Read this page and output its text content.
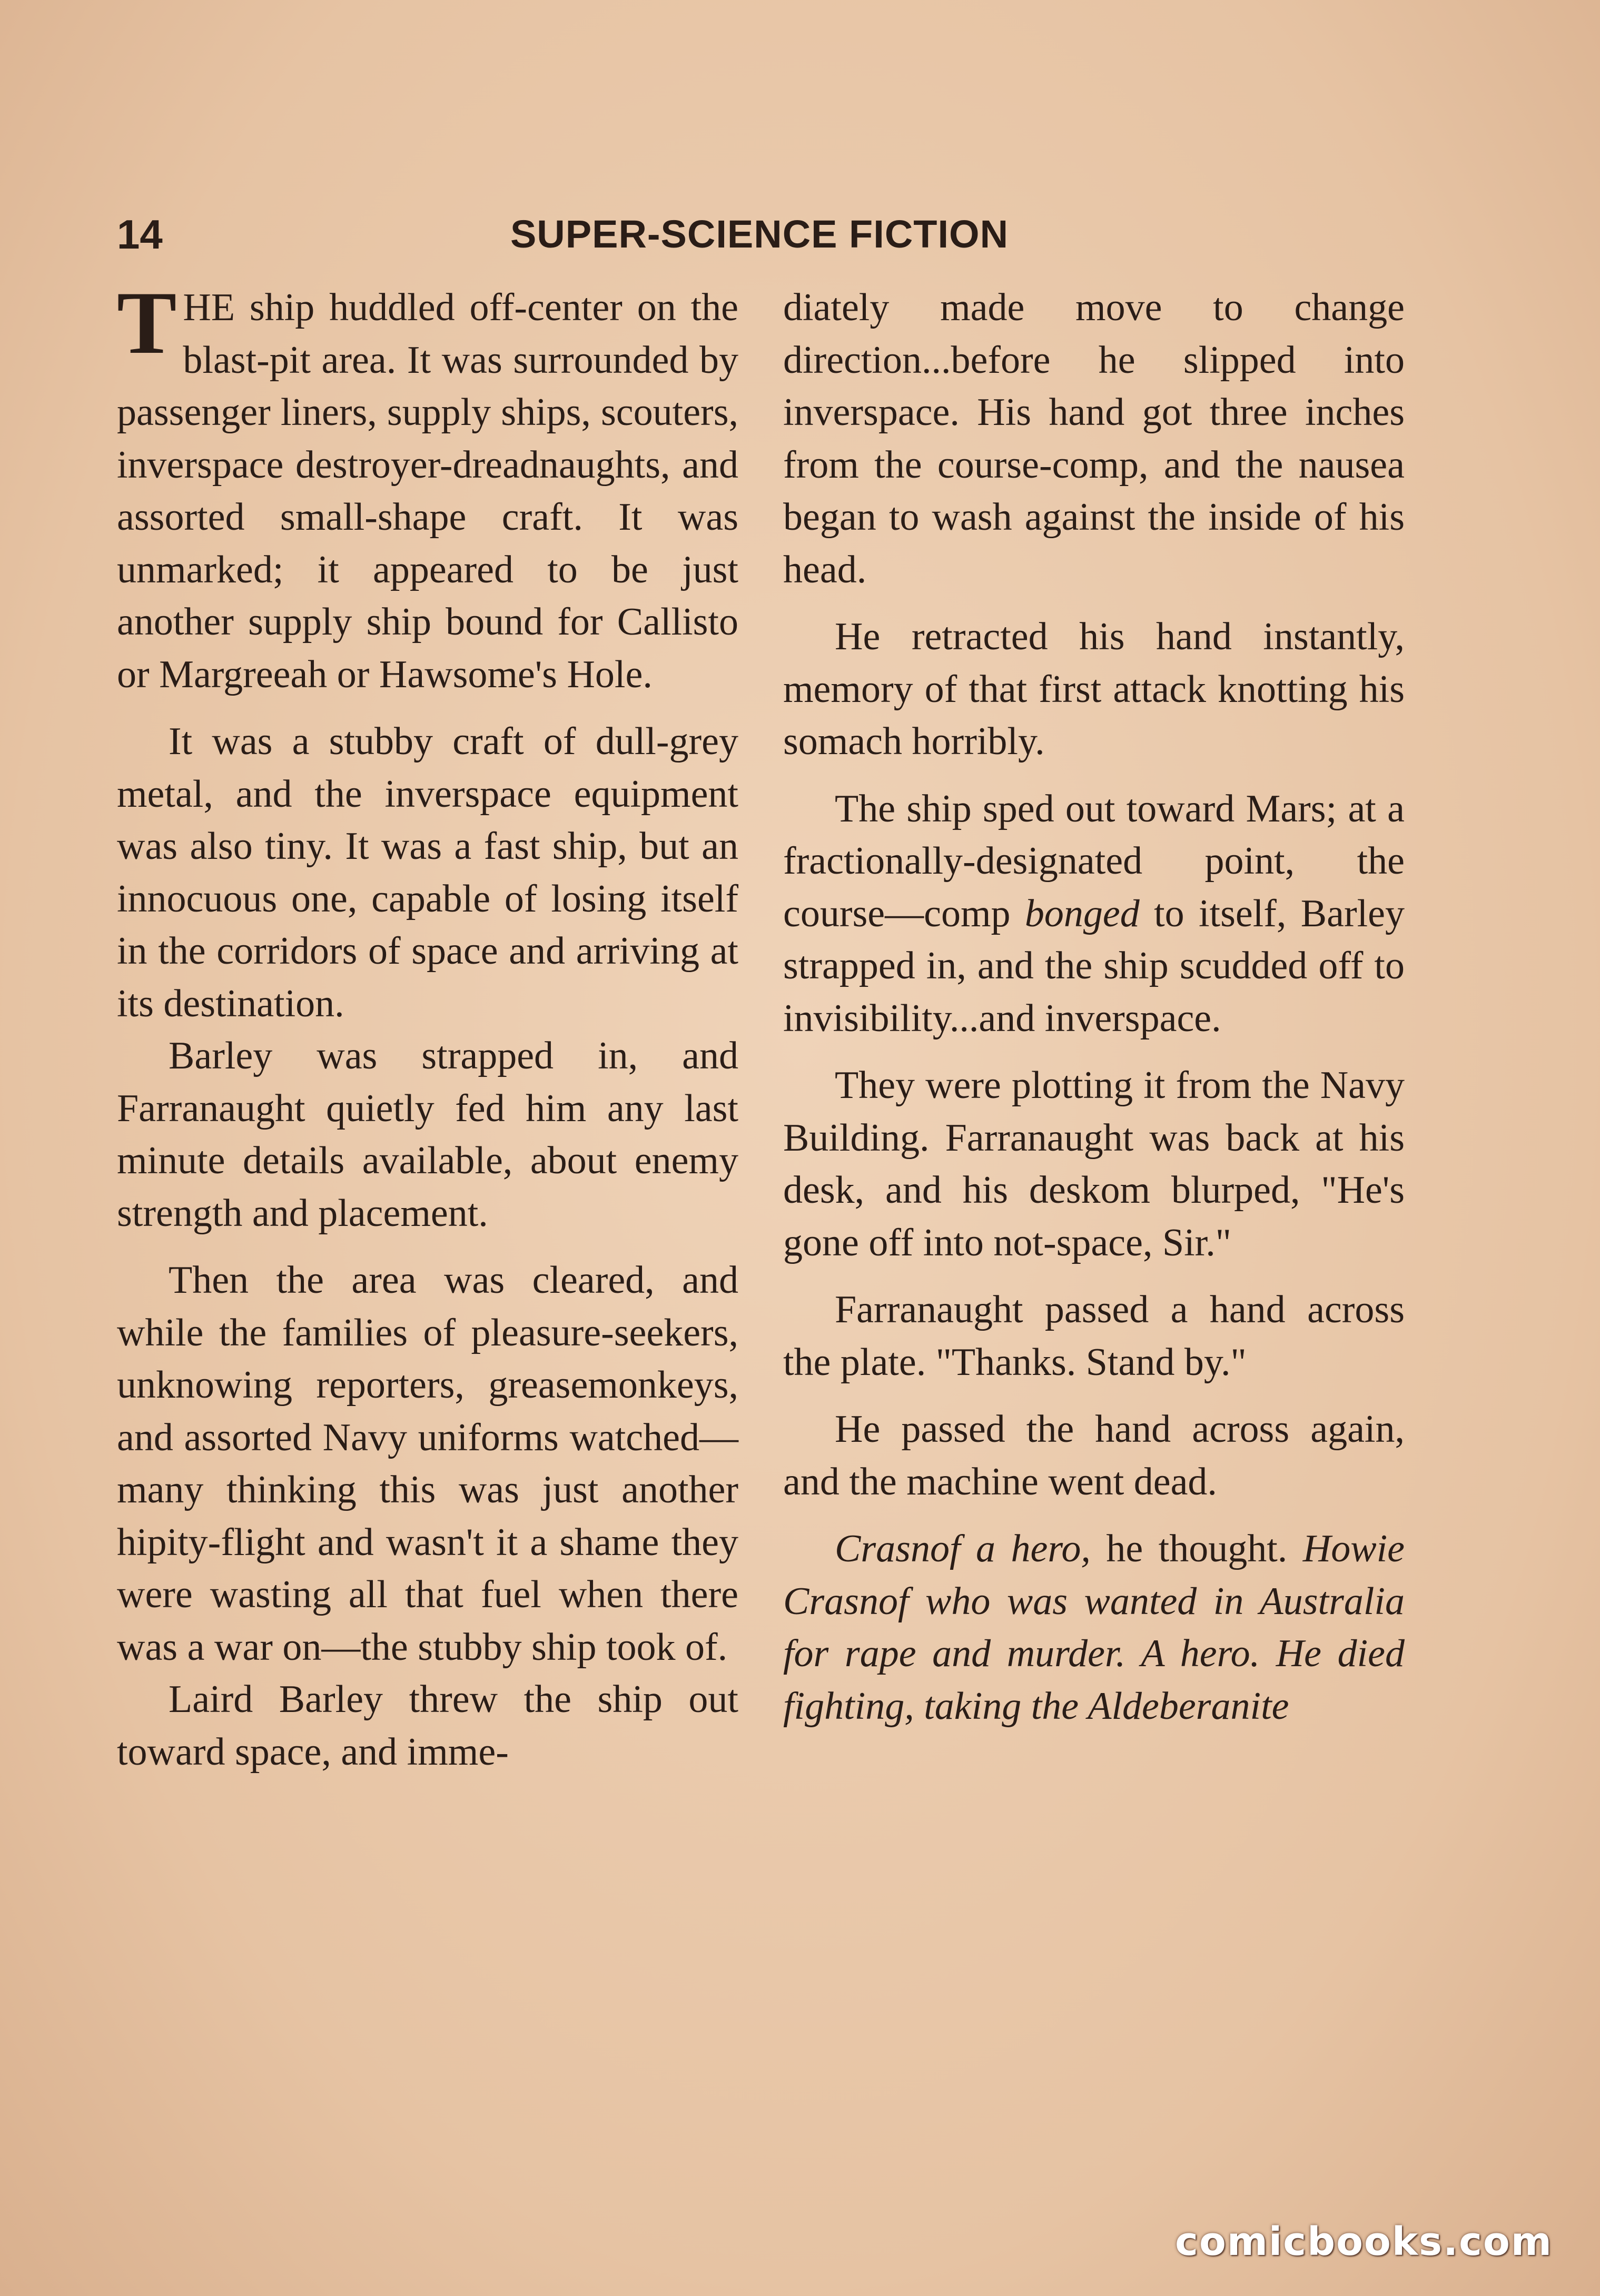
14	SUPER-SCIENCE FICTION

THE ship huddled off-center on the blast-pit area. It was surrounded by passenger liners, supply ships, scouters, inverspace destroyer-dreadnaughts, and assorted small-shape craft. It was unmarked; it appeared to be just another supply ship bound for Callisto or Margreeah or Hawsome's Hole.

It was a stubby craft of dull-grey metal, and the inverspace equipment was also tiny. It was a fast ship, but an innocuous one, capable of losing itself in the corridors of space and arriving at its destination.

Barley was strapped in, and Farranaught quietly fed him any last minute details available, about enemy strength and placement.

Then the area was cleared, and while the families of pleasure-seekers, unknowing reporters, greasemonkeys, and assorted Navy uniforms watched—many thinking this was just another hipity-flight and wasn't it a shame they were wasting all that fuel when there was a war on—the stubby ship took of.

Laird Barley threw the ship out toward space, and imme-

diately made move to change direction...before he slipped into inverspace. His hand got three inches from the course-comp, and the nausea began to wash against the inside of his head.

He retracted his hand instantly, memory of that first attack knotting his somach horribly.

The ship sped out toward Mars; at a fractionally-designated point, the course—comp bonged to itself, Barley strapped in, and the ship scudded off to invisibility...and inverspace.

They were plotting it from the Navy Building. Farranaught was back at his desk, and his deskom blurped, "He's gone off into not-space, Sir."

Farranaught passed a hand across the plate. "Thanks. Stand by."

He passed the hand across again, and the machine went dead.

Crasnof a hero, he thought. Howie Crasnof who was wanted in Australia for rape and murder. A hero. He died fighting, taking the Aldeberanite

comicbooks.com
